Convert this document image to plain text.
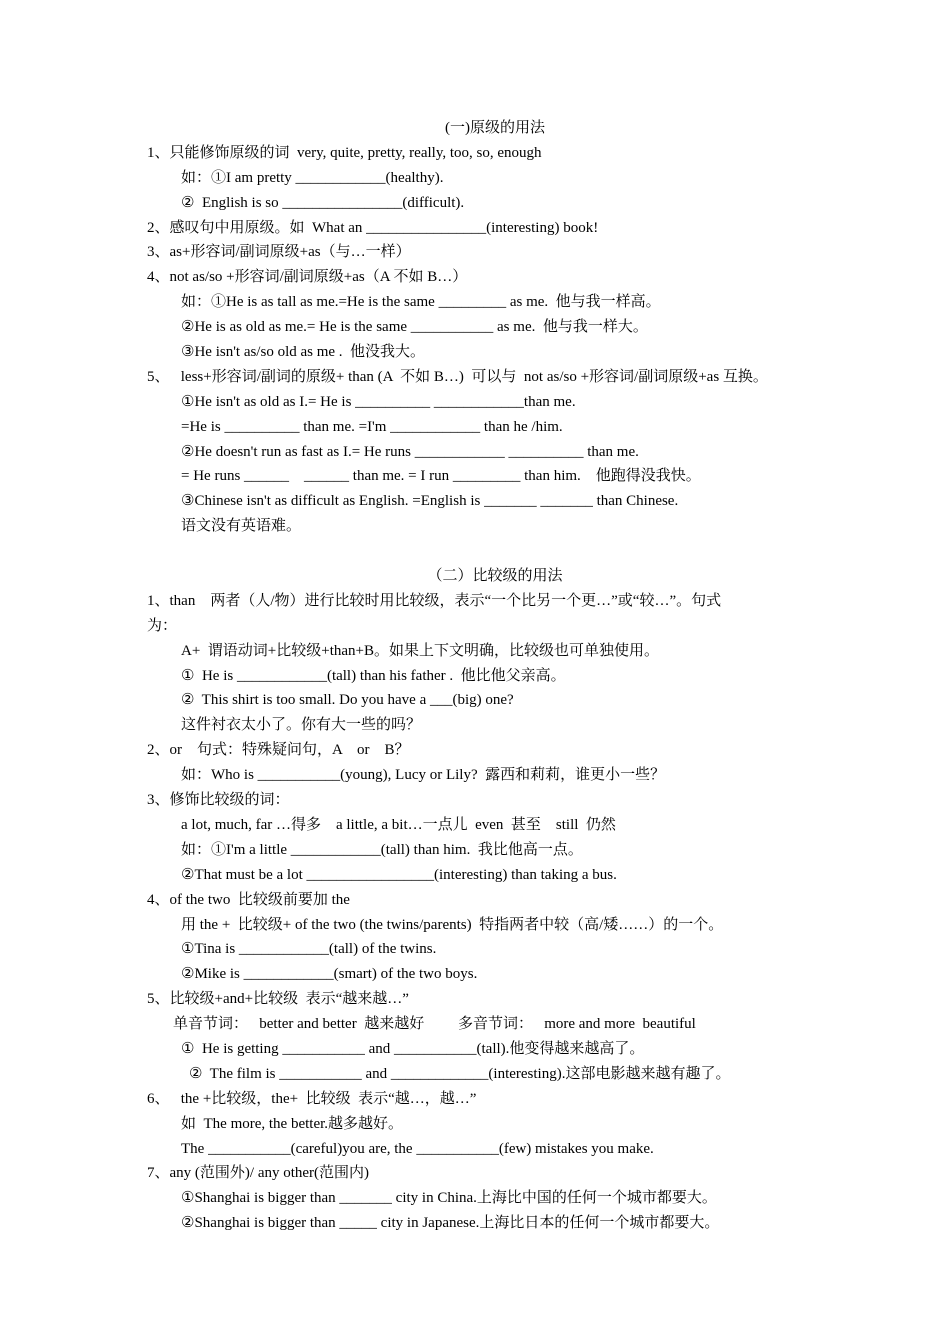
(一)原级的用法
1、只能修饰原级的词  very, quite, pretty, really, too, so, enough
如：①I am pretty ____________(healthy).
②  English is so ________________(difficult).
2、感叹句中用原级。如  What an ________________(interesting) book!
3、as+形容词/副词原级+as（与…一样）
4、not as/so +形容词/副词原级+as（A 不如 B…）
如：①He is as tall as me.=He is the same _________ as me.  他与我一样高。
②He is as old as me.= He is the same ___________ as me.  他与我一样大。
③He isn't as/so old as me .  他没我大。
5、   less+形容词/副词的原级+ than (A  不如 B…)  可以与  not as/so +形容词/副词原级+as 互换。
①He isn't as old as I.= He is __________ ____________than me.
=He is __________ than me. =I'm ____________ than he /him.
②He doesn't run as fast as I.= He runs ____________ __________ than me.
= He runs ______    ______ than me. = I run _________ than him.    他跑得没我快。
③Chinese isn't as difficult as English. =English is _______ _______ than Chinese.
语文没有英语难。
（二）比较级的用法
1、than    两者（人/物）进行比较时用比较级，表示“一个比另一个更…”或“较…”。句式
为：
A+  谓语动词+比较级+than+B。如果上下文明确，比较级也可单独使用。
①  He is ____________(tall) than his father .  他比他父亲高。
②  This shirt is too small. Do you have a ___(big) one?
这件衬衣太小了。你有大一些的吗？
2、or    句式：特殊疑问句，A    or    B？
如：Who is ___________(young), Lucy or Lily?  露西和莉莉，谁更小一些？
3、修饰比较级的词：
a lot, much, far …得多    a little, a bit…一点儿  even  甚至    still  仍然
如：①I'm a little ____________(tall) than him.  我比他高一点。
②That must be a lot _________________(interesting) than taking a bus.
4、of the two  比较级前要加 the
用 the +  比较级+ of the two (the twins/parents)  特指两者中较（高/矮……）的一个。
①Tina is ____________(tall) of the twins.
②Mike is ____________(smart) of the two boys.
5、比较级+and+比较级  表示“越来越…”
单音节词：   better and better  越来越好         多音节词：   more and more  beautiful
①  He is getting ___________ and ___________(tall).他变得越来越高了。
②  The film is ___________ and _____________(interesting).这部电影越来越有趣了。
6、   the +比较级，the+  比较级  表示“越…，越…”
如  The more, the better.越多越好。
The ___________(careful)you are, the ___________(few) mistakes you make.
7、any (范围外)/ any other(范围内)
①Shanghai is bigger than _______ city in China.上海比中国的任何一个城市都要大。
②Shanghai is bigger than _____ city in Japanese.上海比日本的任何一个城市都要大。
